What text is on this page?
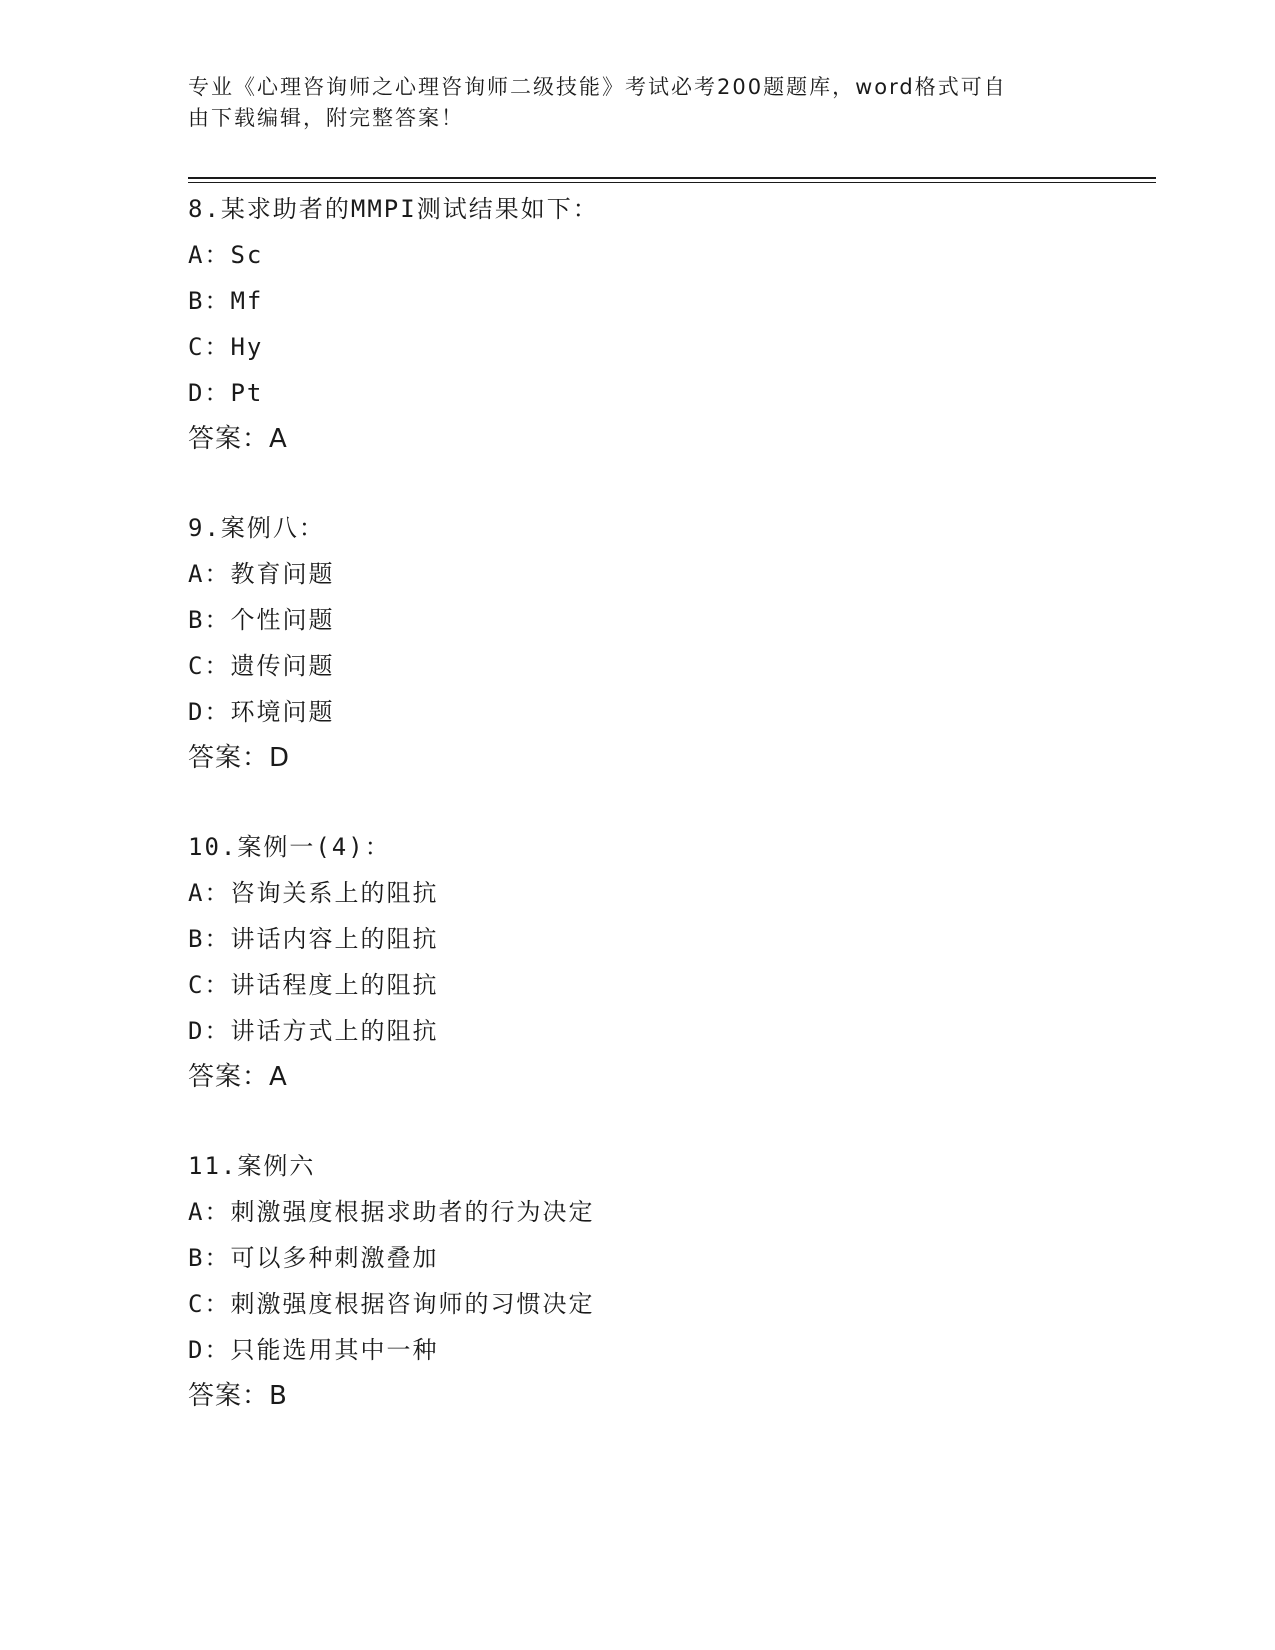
专业《心理咨询师之心理咨询师二级技能》考试必考200题题库，word格式可自
由下载编辑，附完整答案！
8.某求助者的MMPI测试结果如下：
A：Sc
B：Mf
C：Hy
D：Pt
答案：A
9.案例八：
A：教育问题
B：个性问题
C：遗传问题
D：环境问题
答案：D
10.案例一(4)：
A：咨询关系上的阻抗
B：讲话内容上的阻抗
C：讲话程度上的阻抗
D：讲话方式上的阻抗
答案：A
11.案例六
A：刺激强度根据求助者的行为决定
B：可以多种刺激叠加
C：刺激强度根据咨询师的习惯决定
D：只能选用其中一种
答案：B
